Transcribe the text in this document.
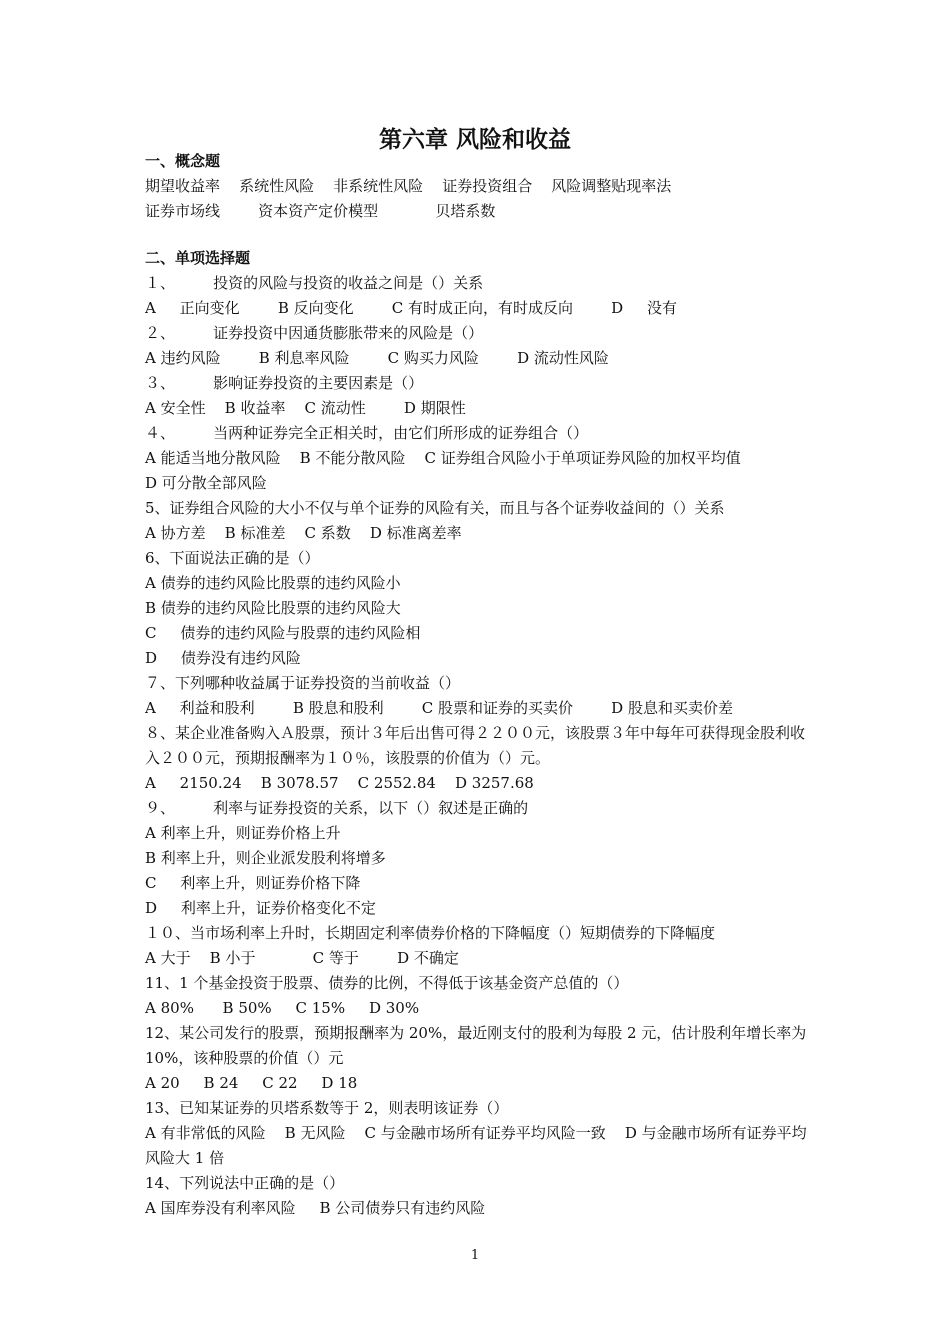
第六章 风险和收益
一、概念题
期望收益率    系统性风险    非系统性风险    证券投资组合    风险调整贴现率法
证券市场线        资本资产定价模型            贝塔系数
二、单项选择题
１、        投资的风险与投资的收益之间是（）关系
A     正向变化        B 反向变化        C 有时成正向，有时成反向        D     没有
２、        证券投资中因通货膨胀带来的风险是（）
A 违约风险        B 利息率风险        C 购买力风险        D 流动性风险
３、        影响证券投资的主要因素是（）
A 安全性    B 收益率    C 流动性        D 期限性
４、        当两种证券完全正相关时，由它们所形成的证券组合（）
A 能适当地分散风险    B 不能分散风险    C 证券组合风险小于单项证券风险的加权平均值
D 可分散全部风险
5、证券组合风险的大小不仅与单个证券的风险有关，而且与各个证券收益间的（）关系
A 协方差    B 标准差    C 系数    D 标准离差率
6、下面说法正确的是（）
A 债券的违约风险比股票的违约风险小
B 债券的违约风险比股票的违约风险大
C     债券的违约风险与股票的违约风险相
D     债券没有违约风险
７、下列哪种收益属于证券投资的当前收益（）
A     利益和股利        B 股息和股利        C 股票和证券的买卖价        D 股息和买卖价差
８、某企业准备购入Ａ股票，预计３年后出售可得２２００元，该股票３年中每年可获得现金股利收入２００元，预期报酬率为１０％，该股票的价值为（）元。
A     2150.24    B 3078.57    C 2552.84    D 3257.68
９、        利率与证券投资的关系，以下（）叙述是正确的
A 利率上升，则证券价格上升
B 利率上升，则企业派发股利将增多
C     利率上升，则证券价格下降
D     利率上升，证券价格变化不定
１０、当市场利率上升时，长期固定利率债券价格的下降幅度（）短期债券的下降幅度
A 大于    B 小于            C 等于        D 不确定
11、1 个基金投资于股票、债券的比例，不得低于该基金资产总值的（）
A 80%      B 50%     C 15%     D 30%
12、某公司发行的股票，预期报酬率为 20%，最近刚支付的股利为每股 2 元，估计股利年增长率为 10%，该种股票的价值（）元
A 20     B 24     C 22     D 18
13、已知某证券的贝塔系数等于 2，则表明该证券（）
A 有非常低的风险    B 无风险    C 与金融市场所有证券平均风险一致    D 与金融市场所有证券平均风险大 1 倍
14、下列说法中正确的是（）
A 国库券没有利率风险     B 公司债券只有违约风险
1
